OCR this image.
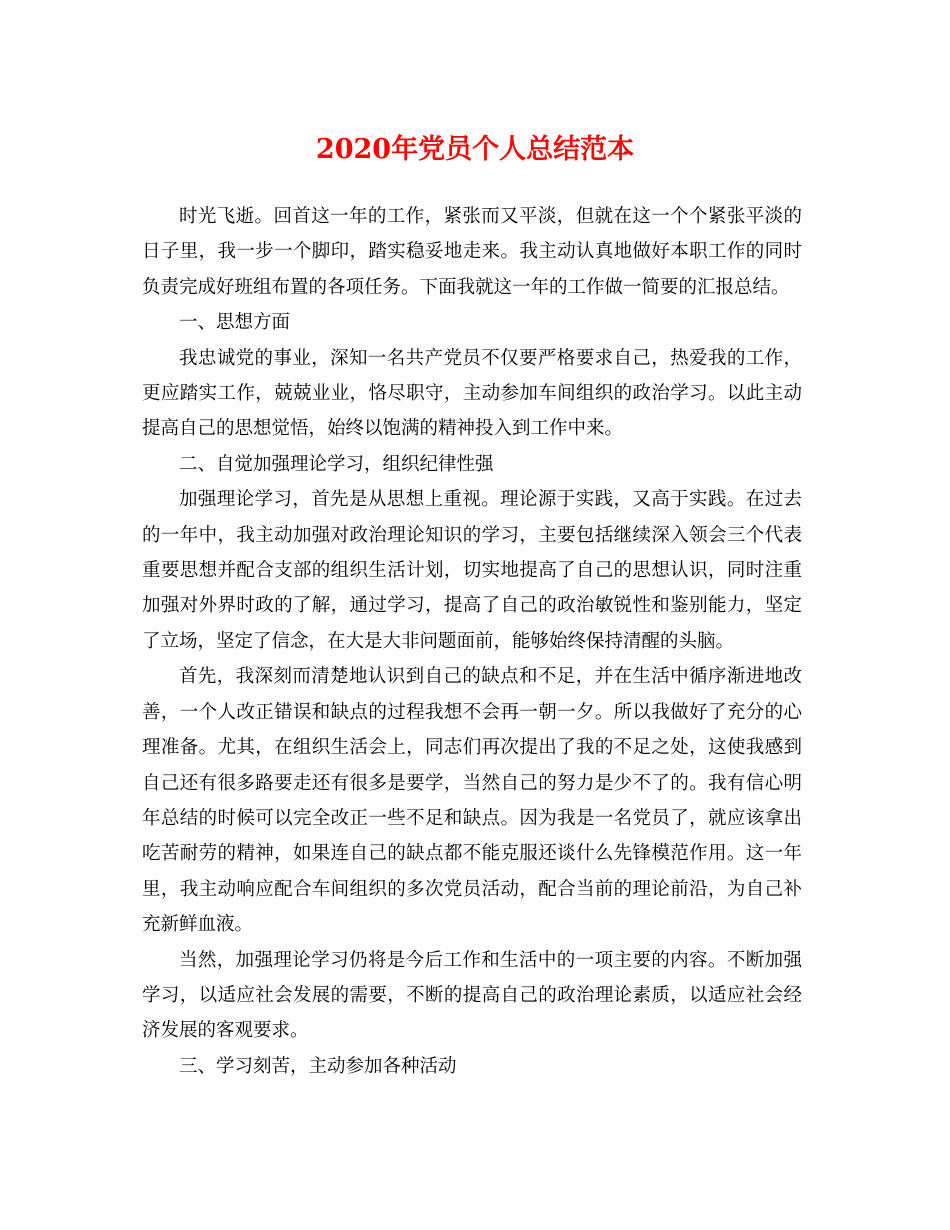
2020年党员个人总结范本

时光飞逝。回首这一年的工作，紧张而又平淡，但就在这一个个紧张平淡的日子里，我一步一个脚印，踏实稳妥地走来。我主动认真地做好本职工作的同时负责完成好班组布置的各项任务。下面我就这一年的工作做一简要的汇报总结。

一、思想方面

我忠诚党的事业，深知一名共产党员不仅要严格要求自己，热爱我的工作，更应踏实工作，兢兢业业，恪尽职守，主动参加车间组织的政治学习。以此主动提高自己的思想觉悟，始终以饱满的精神投入到工作中来。

二、自觉加强理论学习，组织纪律性强

加强理论学习，首先是从思想上重视。理论源于实践，又高于实践。在过去的一年中，我主动加强对政治理论知识的学习，主要包括继续深入领会三个代表重要思想并配合支部的组织生活计划，切实地提高了自己的思想认识，同时注重加强对外界时政的了解，通过学习，提高了自己的政治敏锐性和鉴别能力，坚定了立场，坚定了信念，在大是大非问题面前，能够始终保持清醒的头脑。

首先，我深刻而清楚地认识到自己的缺点和不足，并在生活中循序渐进地改善，一个人改正错误和缺点的过程我想不会再一朝一夕。所以我做好了充分的心理准备。尤其，在组织生活会上，同志们再次提出了我的不足之处，这使我感到自己还有很多路要走还有很多是要学，当然自己的努力是少不了的。我有信心明年总结的时候可以完全改正一些不足和缺点。因为我是一名党员了，就应该拿出吃苦耐劳的精神，如果连自己的缺点都不能克服还谈什么先锋模范作用。这一年里，我主动响应配合车间组织的多次党员活动，配合当前的理论前沿，为自己补充新鲜血液。

当然，加强理论学习仍将是今后工作和生活中的一项主要的内容。不断加强学习，以适应社会发展的需要，不断的提高自己的政治理论素质，以适应社会经济发展的客观要求。

三、学习刻苦，主动参加各种活动
